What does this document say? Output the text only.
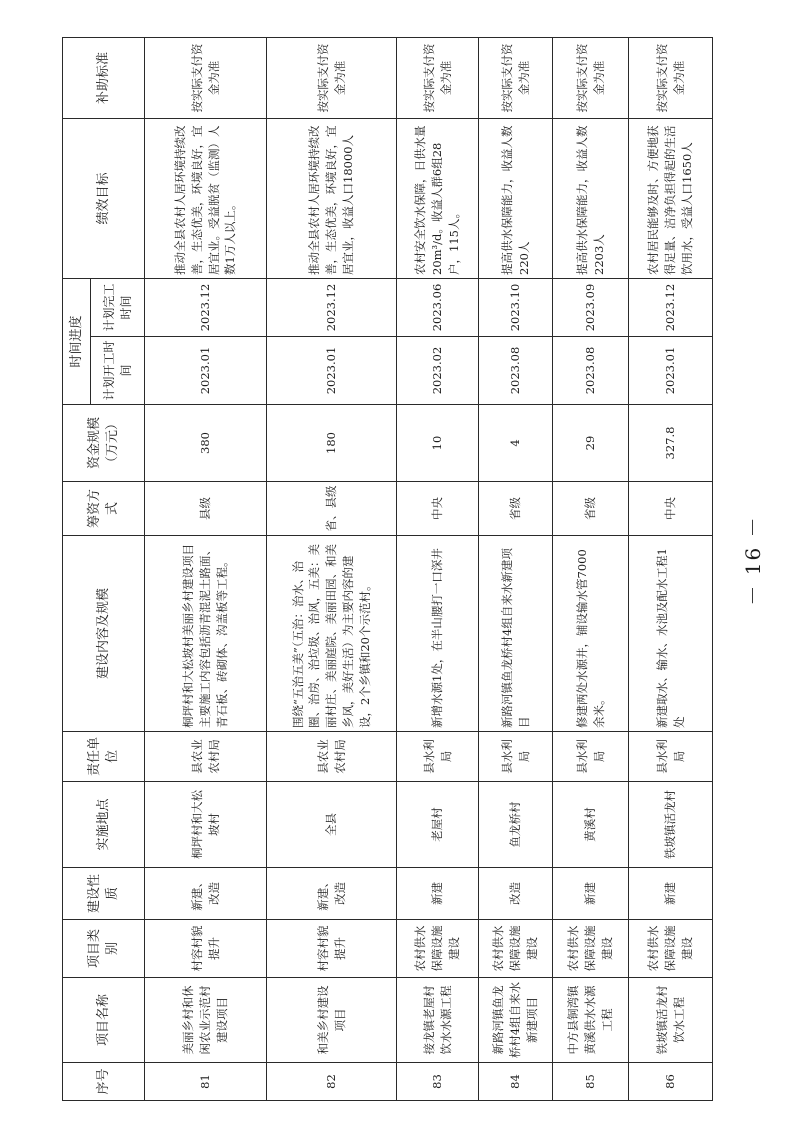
序号	项目名称	项目类别	建设性质	实施地点	责任单位	建设内容及规模	筹资方式	资金规模（万元）	时间进度		绩效目标	补助标准
									计划开工时间	计划完工时间		
81	美丽乡村和休闲农业示范村建设项目	村容村貌提升	新建、改造	桐坪村和大松坡村	县农业农村局	桐坪村和大松坡村美丽乡村建设项目主要施工内容包括沥青混泥土路面、青石板、砖砌体、沟盖板等工程。	县级	380	2023.01	2023.12	推动全县农村人居环境持续改善，生态优美，环境良好，宜居宜业。受益脱贫（监测）人数1万人以上。	按实际支付资金为准
82	和美乡村建设项目	村容村貌提升	新建、改造	全县	县农业农村局	围绕“五治五美”（五治：治水、治圈、治房、治垃圾、治风，五美：美丽村庄、美丽庭院、美丽田园、和美乡风，美好生活）为主要内容的建设，2个乡镇和20个示范村。	省、县级	180	2023.01	2023.12	推动全县农村人居环境持续改善，生态优美，环境良好，宜居宜业，收益人口18000人	按实际支付资金为准
83	接龙镇老屋村饮水水源工程	农村供水保障设施建设	新建	老屋村	县水利局	新增水源1处，在半山腰打一口深井	中央	10	2023.02	2023.06	农村安全饮水保障，日供水量20m³/d。收益人群6组28户，115人。	按实际支付资金为准
84	新路河镇鱼龙桥村4组自来水新建项目	农村供水保障设施建设	改造	鱼龙桥村	县水利局	新路河镇鱼龙桥村4组自来水新建项目	省级	4	2023.08	2023.10	提高供水保障能力，收益人数220人	按实际支付资金为准
85	中方县铜湾镇黄溪供水水源工程	农村供水保障设施建设	新建	黄溪村	县水利局	修建两处水源井，铺设输水管7000余米。	省级	29	2023.08	2023.09	提高供水保障能力，收益人数2203人	按实际支付资金为准
86	铁坡镇活龙村饮水工程	农村供水保障设施建设	新建	铁坡镇活龙村	县水利局	新建取水、输水、水池及配水工程1处	中央	327.8	2023.01	2023.12	农村居民能够及时、方便地获得足量、洁净负担得起的生活饮用水，受益人口1650人	按实际支付资金为准
－ 16 －
